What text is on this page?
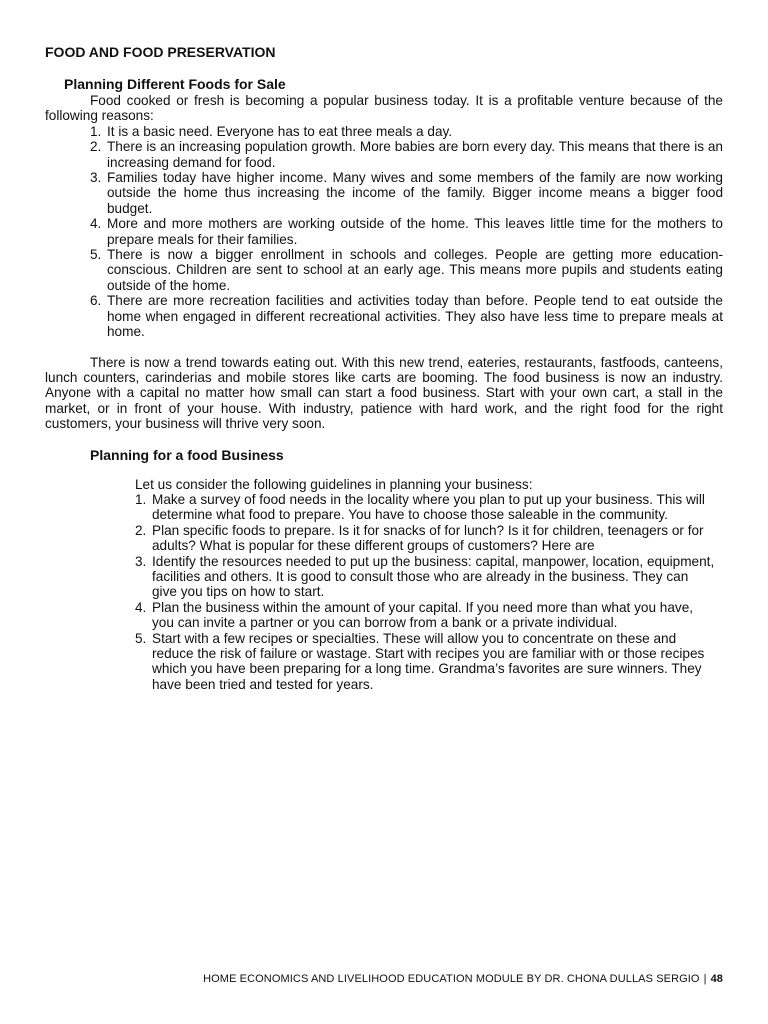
FOOD AND FOOD PRESERVATION
Planning Different Foods for Sale

Food cooked or fresh is becoming a popular business today. It is a profitable venture because of the following reasons:

1. It is a basic need. Everyone has to eat three meals a day.
2. There is an increasing population growth. More babies are born every day. This means that there is an increasing demand for food.
3. Families today have higher income. Many wives and some members of the family are now working outside the home thus increasing the income of the family. Bigger income means a bigger food budget.
4. More and more mothers are working outside of the home. This leaves little time for the mothers to prepare meals for their families.
5. There is now a bigger enrollment in schools and colleges. People are getting more education-conscious. Children are sent to school at an early age. This means more pupils and students eating outside of the home.
6. There are more recreation facilities and activities today than before. People tend to eat outside the home when engaged in different recreational activities. They also have less time to prepare meals at home.

There is now a trend towards eating out. With this new trend, eateries, restaurants, fastfoods, canteens, lunch counters, carinderias and mobile stores like carts are booming. The food business is now an industry. Anyone with a capital no matter how small can start a food business. Start with your own cart, a stall in the market, or in front of your house. With industry, patience with hard work, and the right food for the right customers, your business will thrive very soon.

Planning for a food Business

Let us consider the following guidelines in planning your business:

1. Make a survey of food needs in the locality where you plan to put up your business. This will determine what food to prepare. You have to choose those saleable in the community.
2. Plan specific foods to prepare. Is it for snacks of for lunch? Is it for children, teenagers or for adults? What is popular for these different groups of customers? Here are
3. Identify the resources needed to put up the business: capital, manpower, location, equipment, facilities and others. It is good to consult those who are already in the business. They can give you tips on how to start.
4. Plan the business within the amount of your capital. If you need more than what you have, you can invite a partner or you can borrow from a bank or a private individual.
5. Start with a few recipes or specialties. These will allow you to concentrate on these and reduce the risk of failure or wastage. Start with recipes you are familiar with or those recipes which you have been preparing for a long time. Grandma’s favorites are sure winners. They have been tried and tested for years.
HOME ECONOMICS AND LIVELIHOOD EDUCATION MODULE BY DR. CHONA DULLAS SERGIO | 48
